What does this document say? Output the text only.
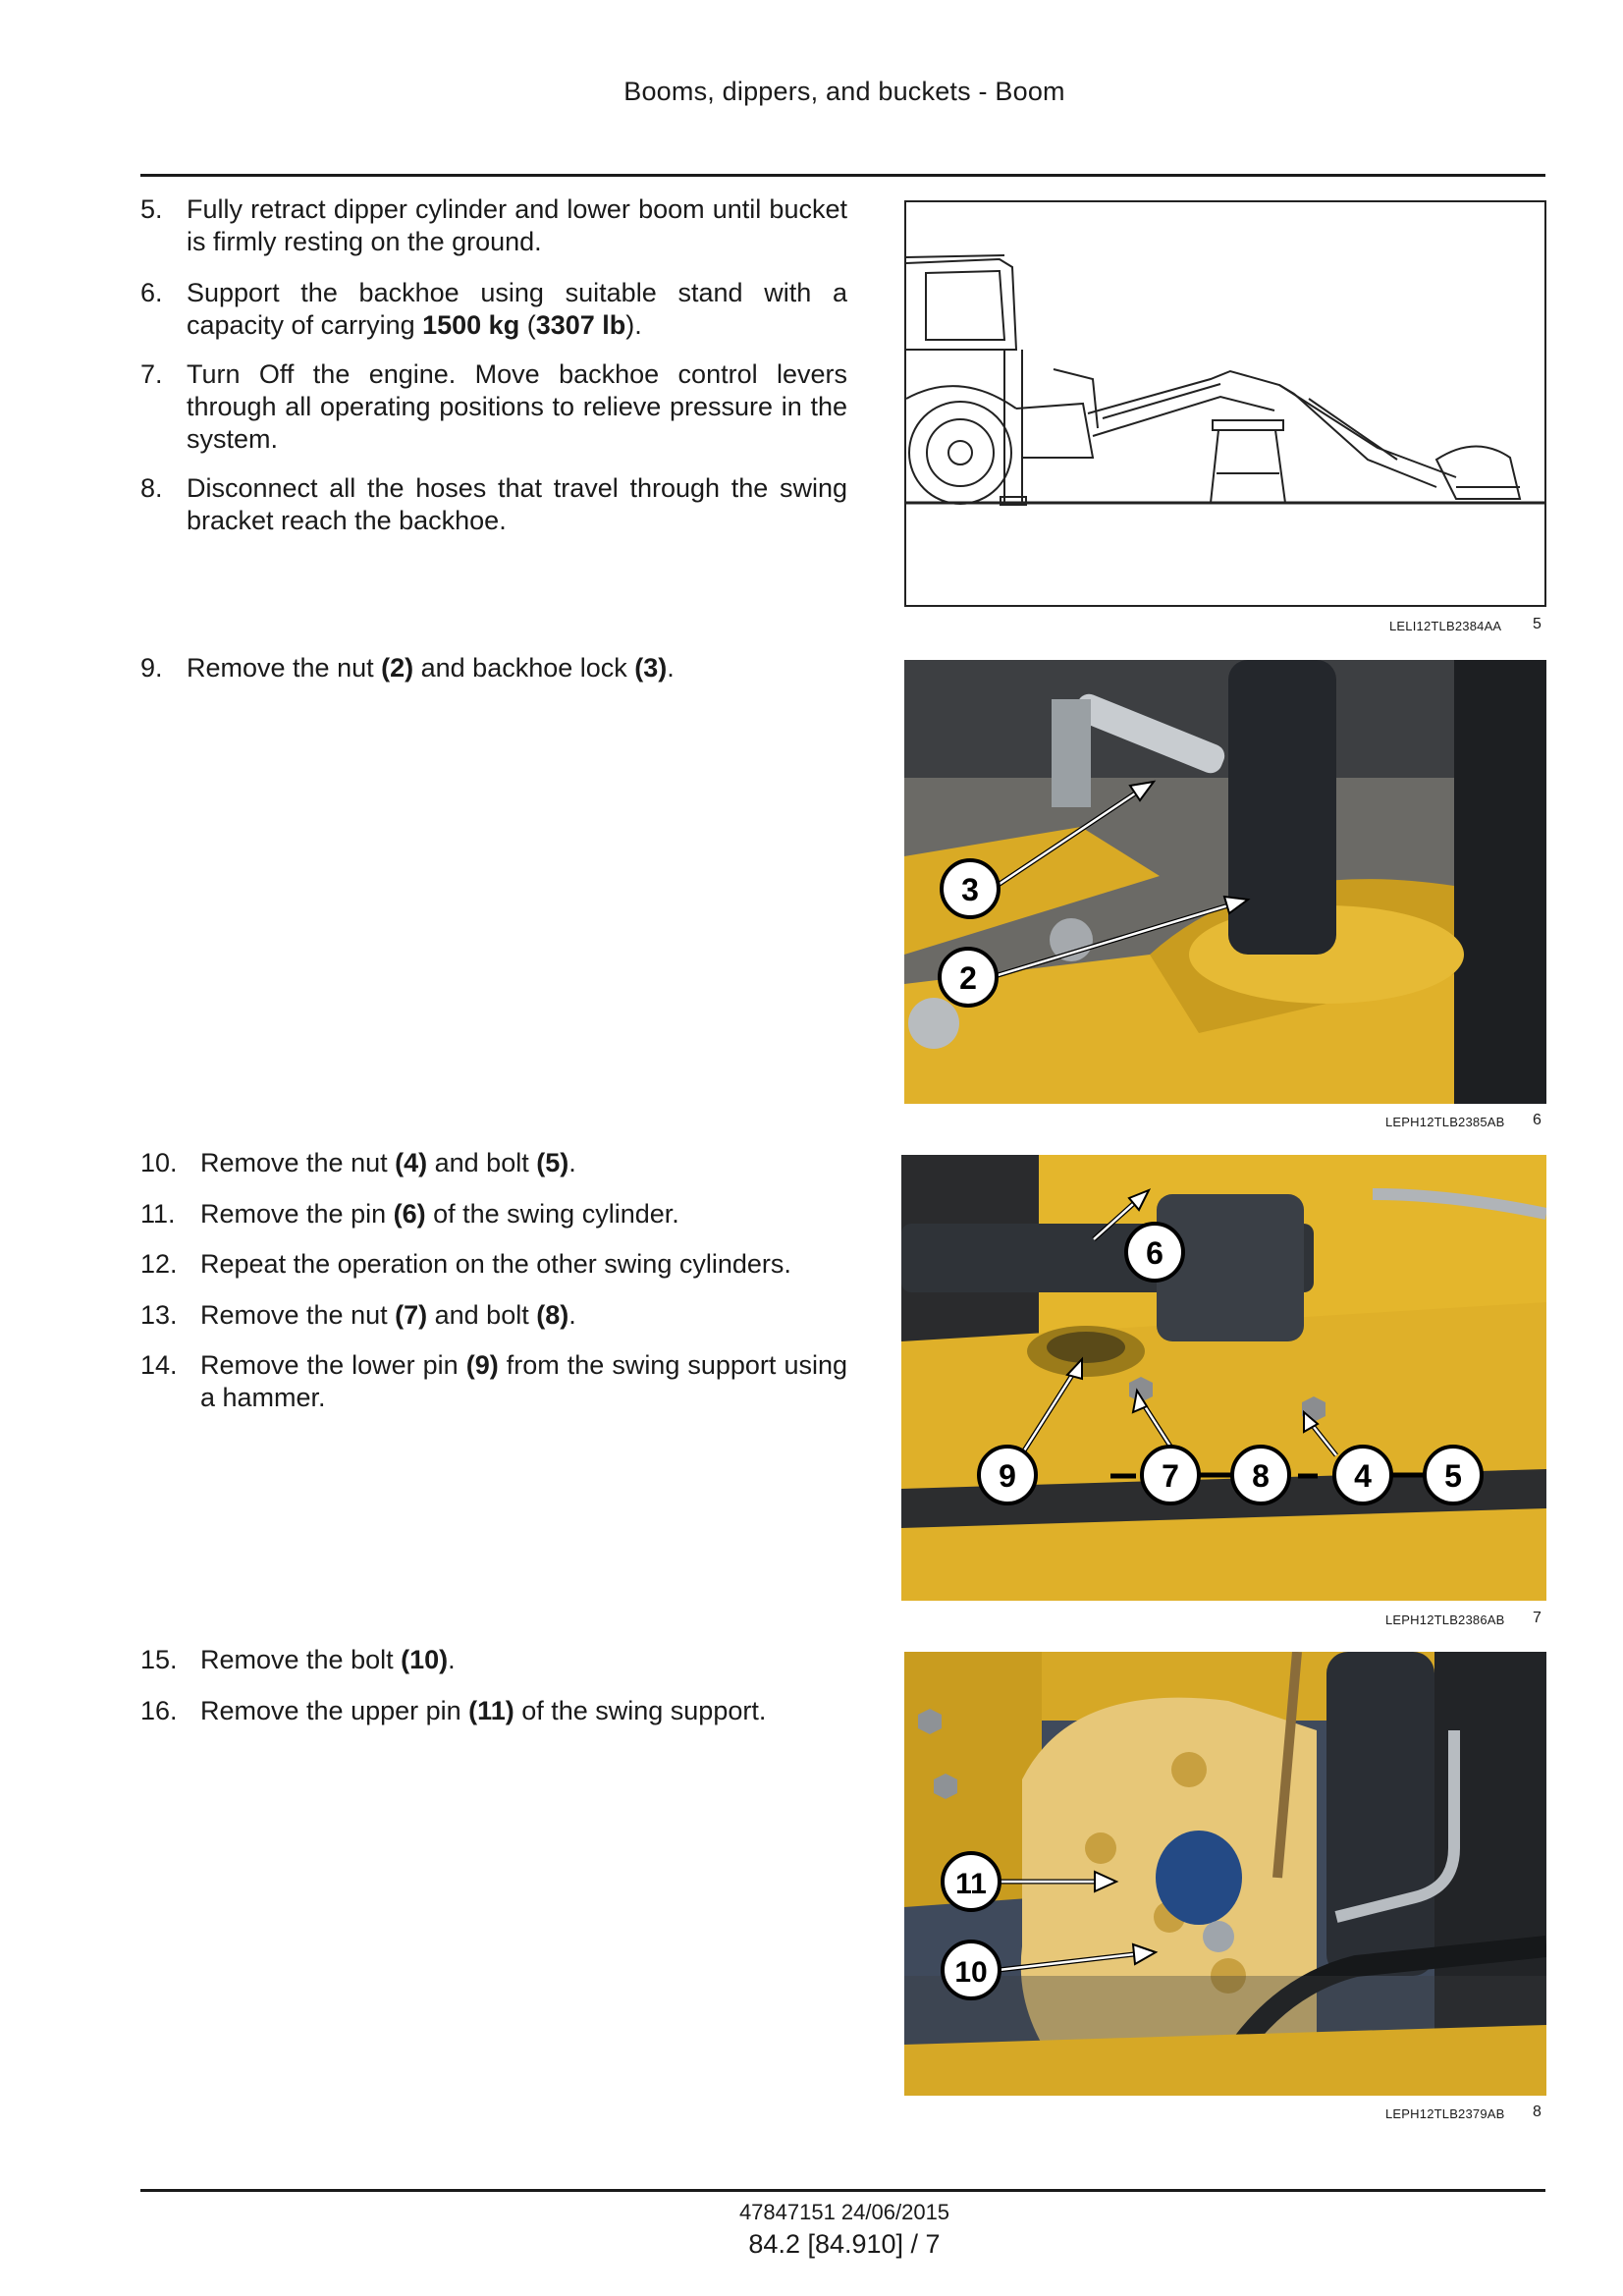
Booms, dippers, and buckets - Boom
5. Fully retract dipper cylinder and lower boom until bucket is firmly resting on the ground.
6. Support the backhoe using suitable stand with a capacity of carrying 1500 kg (3307 lb).
7. Turn Off the engine. Move backhoe control levers through all operating positions to relieve pressure in the system.
8. Disconnect all the hoses that travel through the swing bracket reach the backhoe.
9. Remove the nut (2) and backhoe lock (3).
10. Remove the nut (4) and bolt (5).
11. Remove the pin (6) of the swing cylinder.
12. Repeat the operation on the other swing cylinders.
13. Remove the nut (7) and bolt (8).
14. Remove the lower pin (9) from the swing support using a hammer.
15. Remove the bolt (10).
16. Remove the upper pin (11) of the swing support.
LELI12TLB2384AA 5
3
2
LEPH12TLB2385AB 6
6
9	7 8	4 5
LEPH12TLB2386AB 7
11
10
LEPH12TLB2379AB 8
47847151 24/06/2015
84.2 [84.910] / 7
